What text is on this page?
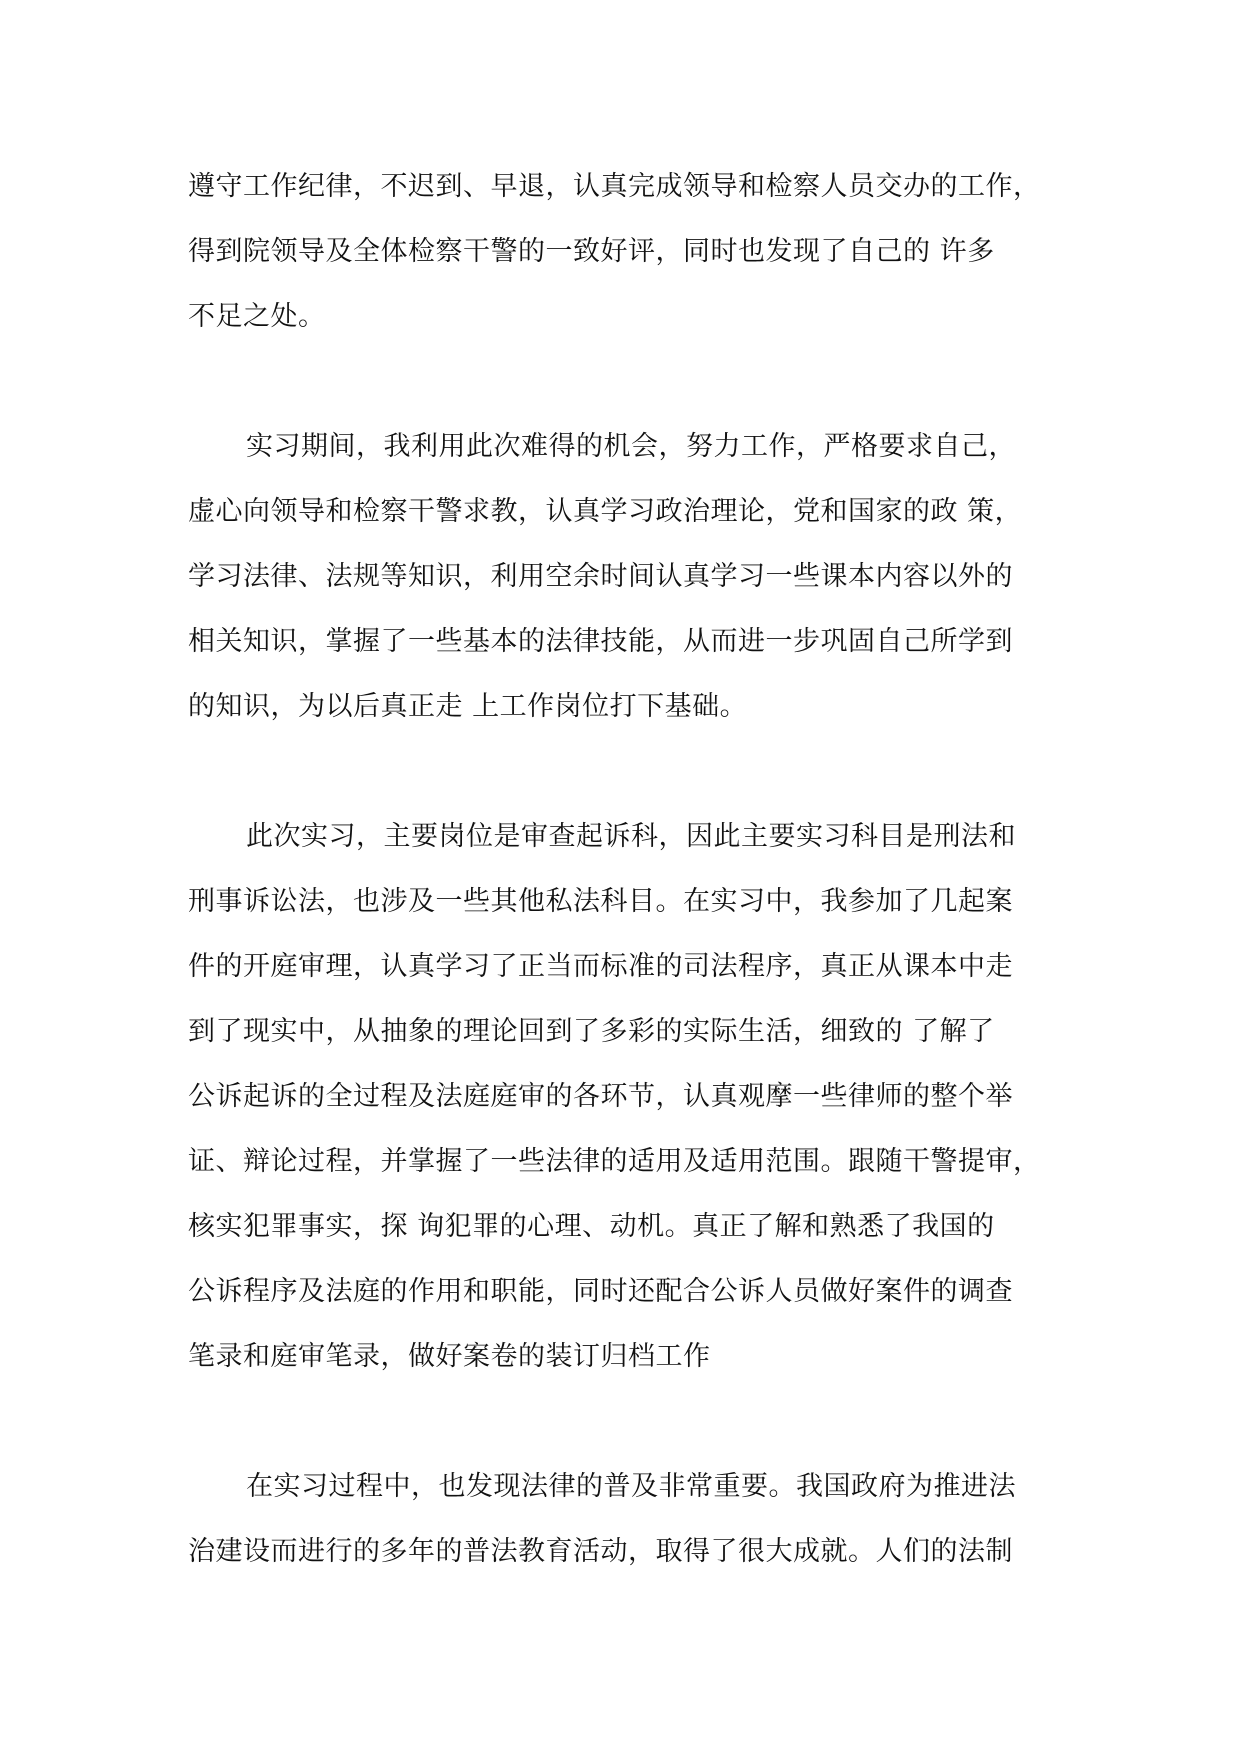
遵守工作纪律，不迟到、早退，认真完成领导和检察人员交办的工作，
得到院领导及全体检察干警的一致好评，同时也发现了自己的 许多
不足之处。
实习期间，我利用此次难得的机会，努力工作，严格要求自己，
虚心向领导和检察干警求教，认真学习政治理论，党和国家的政 策，
学习法律、法规等知识，利用空余时间认真学习一些课本内容以外的
相关知识，掌握了一些基本的法律技能，从而进一步巩固自己所学到
的知识，为以后真正走 上工作岗位打下基础。
此次实习，主要岗位是审查起诉科，因此主要实习科目是刑法和
刑事诉讼法，也涉及一些其他私法科目。在实习中，我参加了几起案
件的开庭审理，认真学习了正当而标准的司法程序，真正从课本中走
到了现实中，从抽象的理论回到了多彩的实际生活，细致的 了解了
公诉起诉的全过程及法庭庭审的各环节，认真观摩一些律师的整个举
证、辩论过程，并掌握了一些法律的适用及适用范围。跟随干警提审，
核实犯罪事实，探 询犯罪的心理、动机。真正了解和熟悉了我国的
公诉程序及法庭的作用和职能，同时还配合公诉人员做好案件的调查
笔录和庭审笔录，做好案卷的装订归档工作
在实习过程中，也发现法律的普及非常重要。我国政府为推进法
治建设而进行的多年的普法教育活动，取得了很大成就。人们的法制
